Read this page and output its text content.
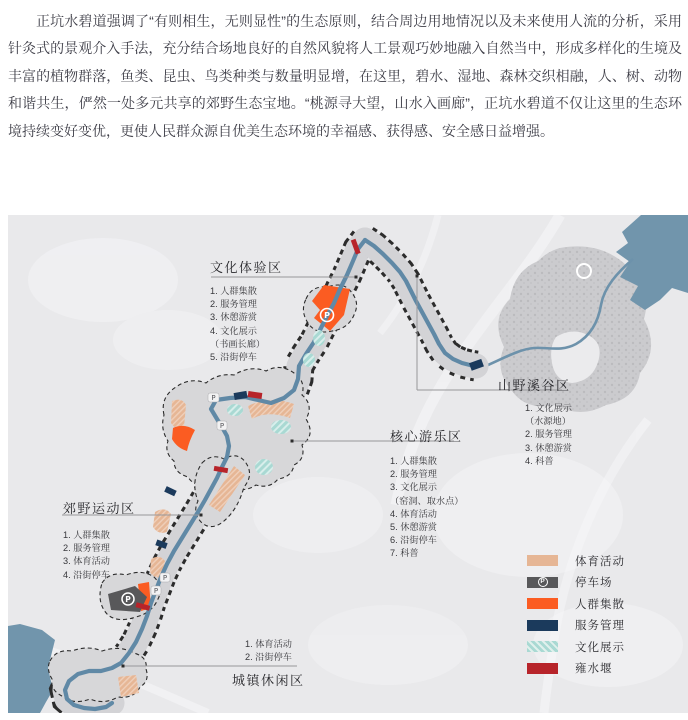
正坑水碧道强调了“有则相生，无则显性”的生态原则，结合周边用地情况以及未来使用人流的分析，采用针灸式的景观介入手法，充分结合场地良好的自然风貌将人工景观巧妙地融入自然当中，形成多样化的生境及丰富的植物群落，鱼类、昆虫、鸟类种类与数量明显增，在这里，碧水、湿地、森林交织相融，人、树、动物和谐共生，俨然一处多元共享的郊野生态宝地。“桃源寻大望，山水入画廊”，正坑水碧道不仅让这里的生态环境持续变好变优，更使人民群众源自优美生态环境的幸福感、获得感、安全感日益增强。

P
P
P
P
P
P
文化体验区
1. 人群集散
2. 服务管理
3. 休憩游赏
4. 文化展示
（书画长廊）
5. 沿街停车
山野溪谷区
1. 文化展示
（水源地）
2. 服务管理
3. 休憩游赏
4. 科普
核心游乐区
1. 人群集散
2. 服务管理
3. 文化展示
（窑洞、取水点）
4. 体育活动
5. 休憩游赏
6. 沿街停车
7. 科普
郊野运动区
1. 人群集散
2. 服务管理
3. 体育活动
4. 沿街停车
1. 体育活动
2. 沿街停车
城镇休闲区
体育活动
P	停车场
人群集散
服务管理
文化展示
雍水堰
